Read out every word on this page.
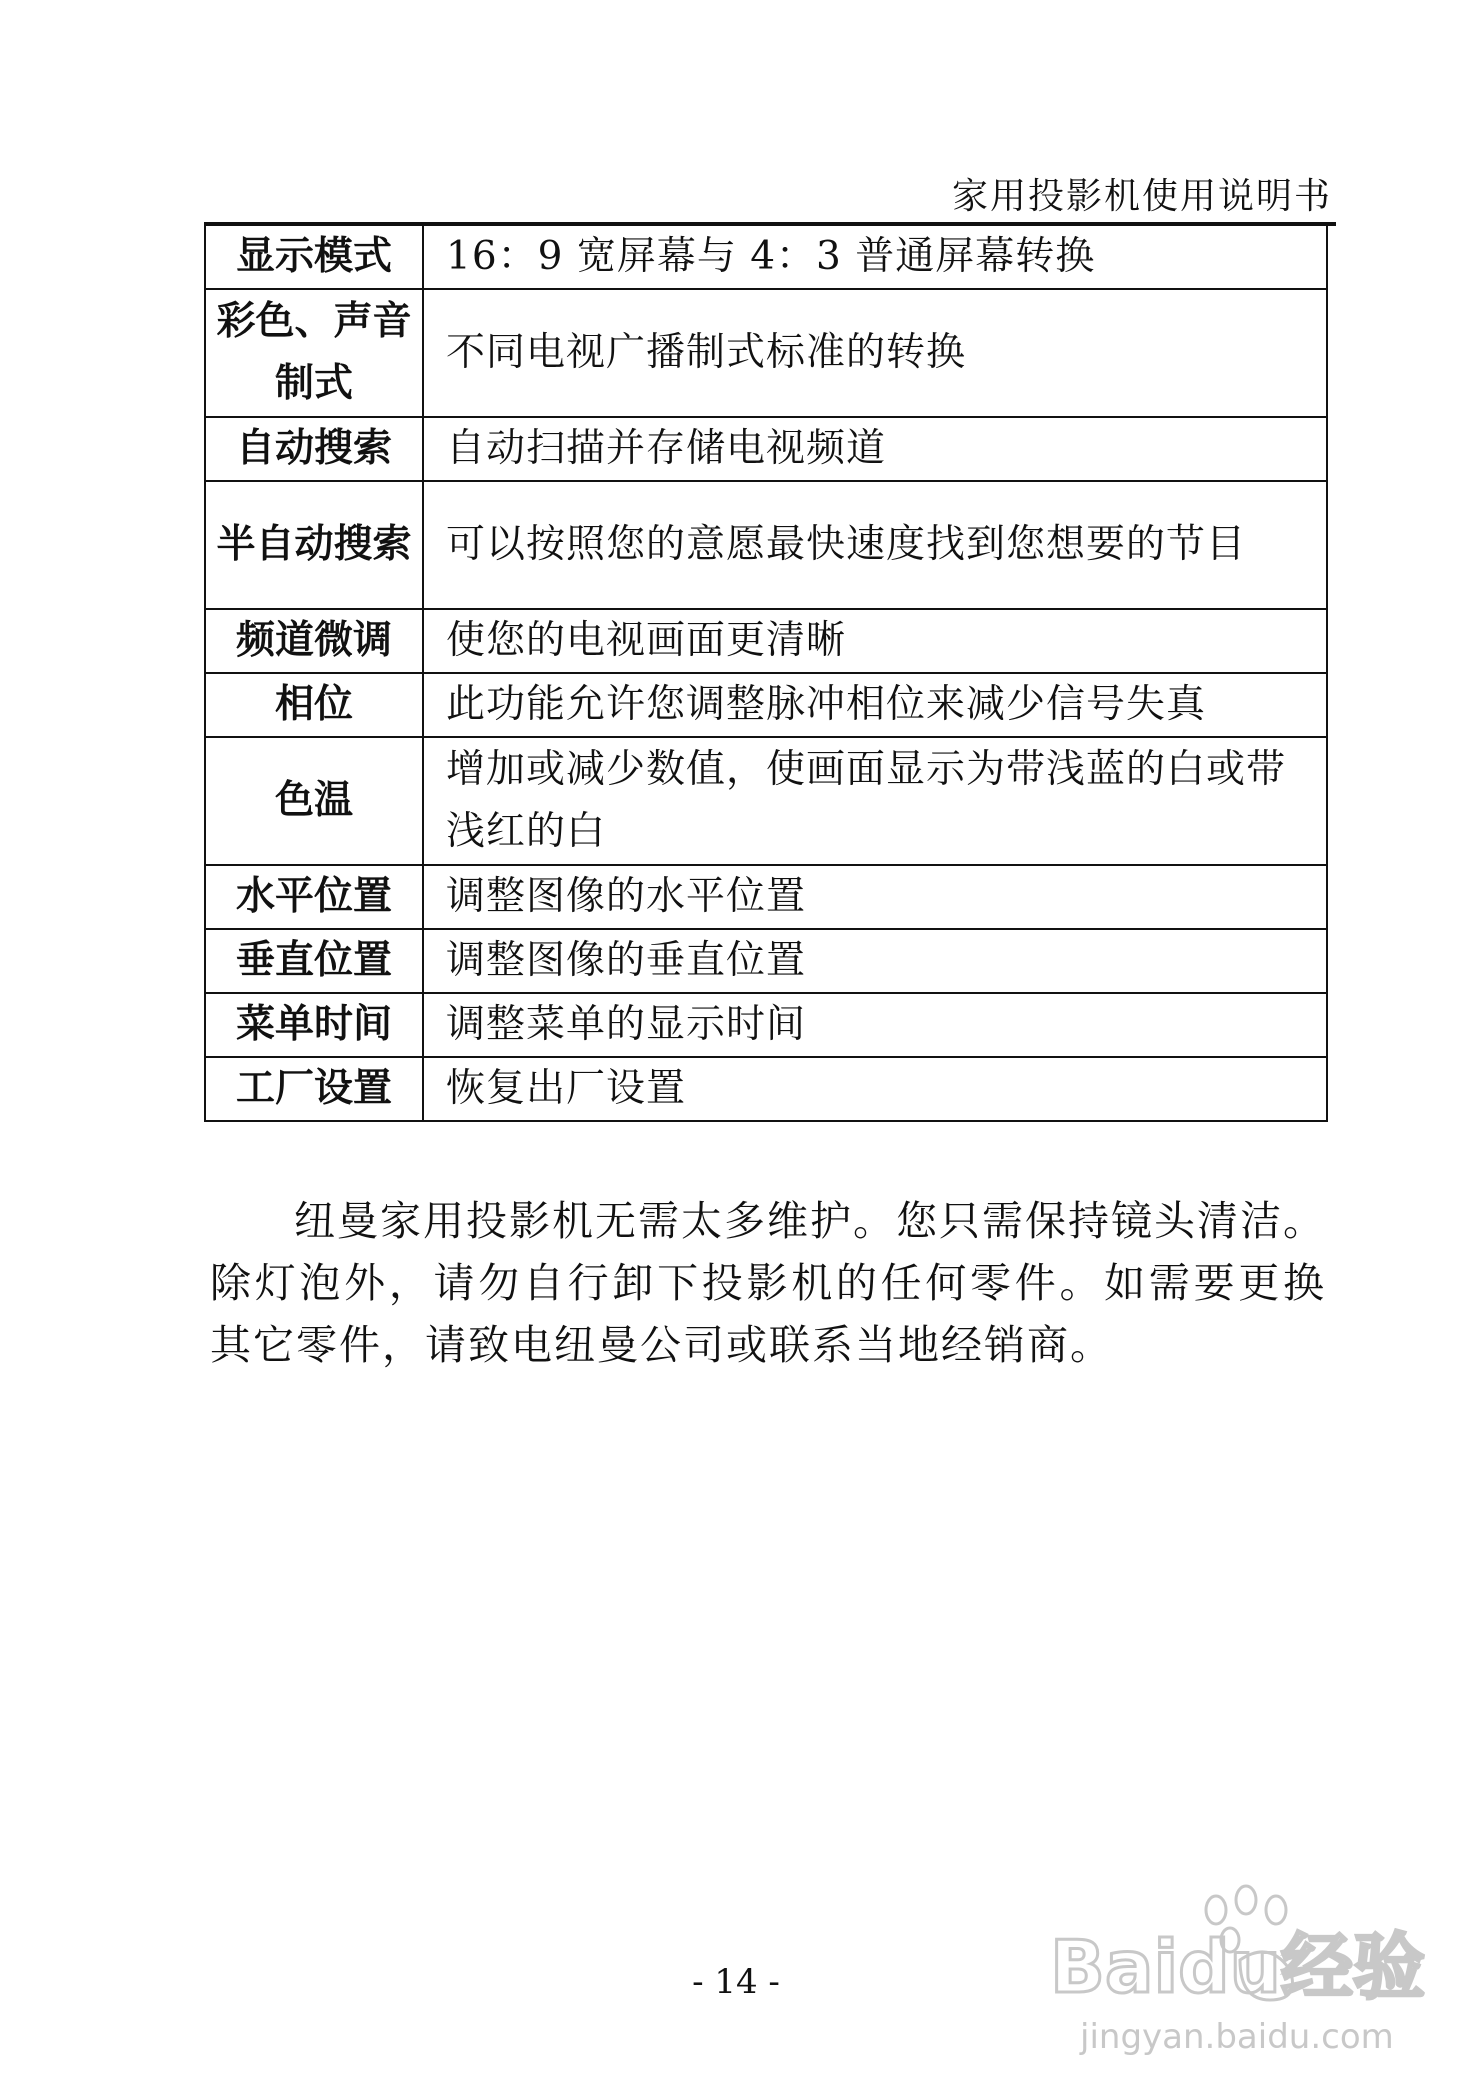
家用投影机使用说明书
显示模式	16：9 宽屏幕与 4：3 普通屏幕转换
彩色、声音制式	不同电视广播制式标准的转换
自动搜索	自动扫描并存储电视频道
半自动搜索	可以按照您的意愿最快速度找到您想要的节目
频道微调	使您的电视画面更清晰
相位	此功能允许您调整脉冲相位来减少信号失真
色温	增加或减少数值，使画面显示为带浅蓝的白或带浅红的白
水平位置	调整图像的水平位置
垂直位置	调整图像的垂直位置
菜单时间	调整菜单的显示时间
工厂设置	恢复出厂设置
纽曼家用投影机无需太多维护。您只需保持镜头清洁。除灯泡外，请勿自行卸下投影机的任何零件。如需要更换其它零件，请致电纽曼公司或联系当地经销商。
- 14 -	Baidu经验
jingyan.baidu.com
